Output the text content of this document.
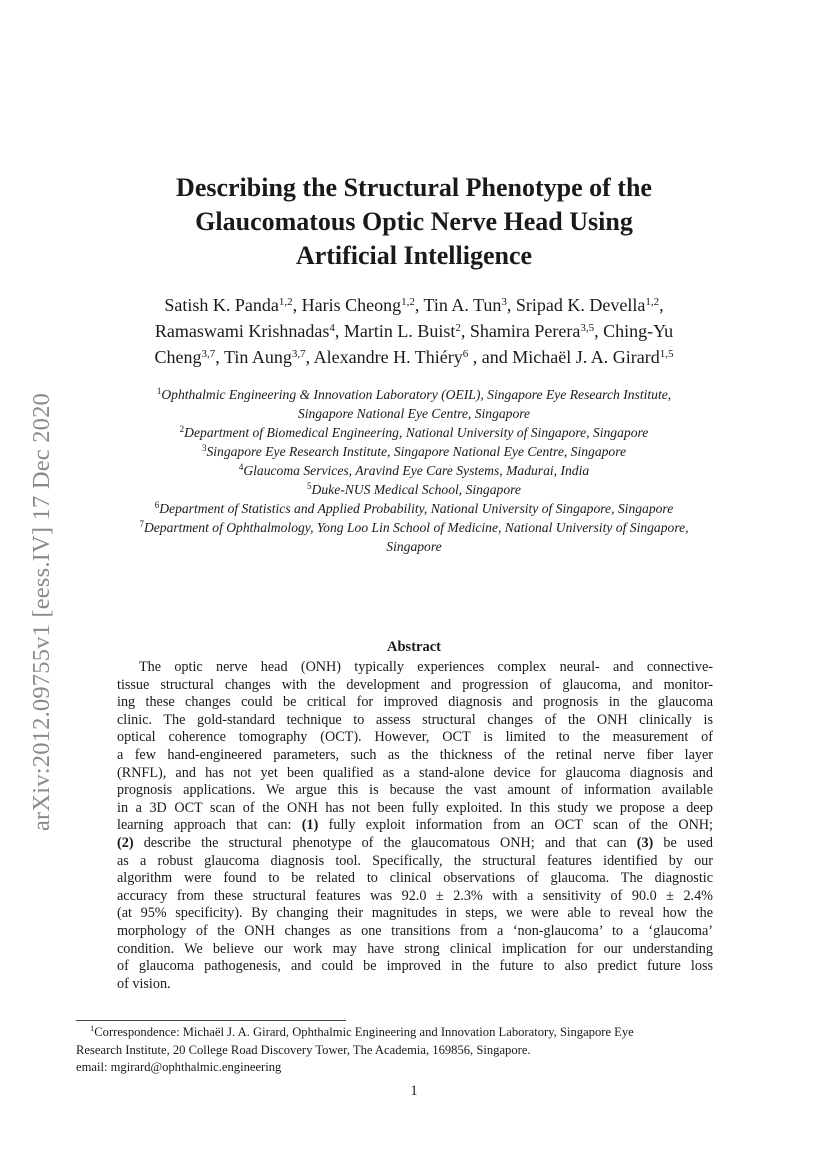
arXiv:2012.09755v1 [eess.IV] 17 Dec 2020
Describing the Structural Phenotype of the
Glaucomatous Optic Nerve Head Using
Artificial Intelligence
Satish K. Panda$^{1,2}$, Haris Cheong$^{1,2}$, Tin A. Tun$^3$, Sripad K. Devella$^{1,2}$,
Ramaswami Krishnadas$^4$, Martin L. Buist$^2$, Shamira Perera$^{3,5}$, Ching-Yu
Cheng$^{3,7}$, Tin Aung$^{3,7}$, Alexandre H. Thiéry$^6$ , and Michaël J. A. Girard$^{1,5}$
$^1$Ophthalmic Engineering & Innovation Laboratory (OEIL), Singapore Eye Research Institute,
Singapore National Eye Centre, Singapore
$^2$Department of Biomedical Engineering, National University of Singapore, Singapore
$^3$Singapore Eye Research Institute, Singapore National Eye Centre, Singapore
$^4$Glaucoma Services, Aravind Eye Care Systems, Madurai, India
$^5$Duke-NUS Medical School, Singapore
$^6$Department of Statistics and Applied Probability, National University of Singapore, Singapore
$^7$Department of Ophthalmology, Yong Loo Lin School of Medicine, National University of Singapore,
Singapore
Abstract
The optic nerve head (ONH) typically experiences complex neural- and connective-
tissue structural changes with the development and progression of glaucoma, and monitor-
ing these changes could be critical for improved diagnosis and prognosis in the glaucoma
clinic. The gold-standard technique to assess structural changes of the ONH clinically is
optical coherence tomography (OCT). However, OCT is limited to the measurement of
a few hand-engineered parameters, such as the thickness of the retinal nerve fiber layer
(RNFL), and has not yet been qualified as a stand-alone device for glaucoma diagnosis and
prognosis applications. We argue this is because the vast amount of information available
in a 3D OCT scan of the ONH has not been fully exploited. In this study we propose a deep
learning approach that can: (1) fully exploit information from an OCT scan of the ONH;
(2) describe the structural phenotype of the glaucomatous ONH; and that can (3) be used
as a robust glaucoma diagnosis tool. Specifically, the structural features identified by our
algorithm were found to be related to clinical observations of glaucoma. The diagnostic
accuracy from these structural features was 92.0 ± 2.3% with a sensitivity of 90.0 ± 2.4%
(at 95% specificity). By changing their magnitudes in steps, we were able to reveal how the
morphology of the ONH changes as one transitions from a ‘non-glaucoma’ to a ‘glaucoma’
condition. We believe our work may have strong clinical implication for our understanding
of glaucoma pathogenesis, and could be improved in the future to also predict future loss
of vision.
$^1$Correspondence: Michaël J. A. Girard, Ophthalmic Engineering and Innovation Laboratory, Singapore Eye
Research Institute, 20 College Road Discovery Tower, The Academia, 169856, Singapore.
email: mgirard@ophthalmic.engineering
1
